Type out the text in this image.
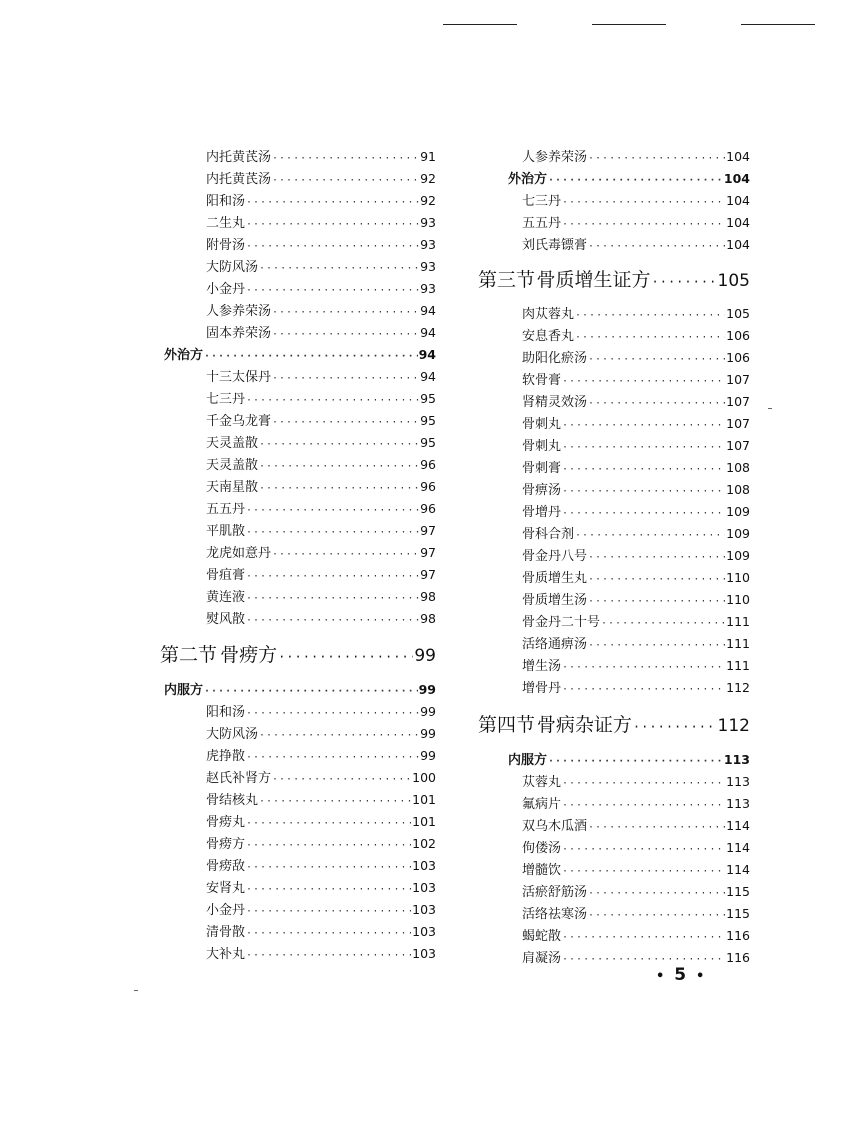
内托黄芪汤 ·····	91
内托黄芪汤 ·····	92
阳和汤 ·····	92
二生丸 ·····	93
附骨汤 ·····	93
大防风汤 ·····	93
小金丹 ·····	93
人参养荣汤 ·····	94
固本养荣汤 ·····	94
外治方 ·····	94
十三太保丹 ·····	94
七三丹 ·····	95
千金乌龙膏 ·····	95
天灵盖散 ·····	95
天灵盖散 ·····	96
天南星散 ·····	96
五五丹 ·····	96
平肌散 ·····	97
龙虎如意丹 ·····	97
骨疽膏 ·····	97
黄连液 ·····	98
熨风散 ·····	98
第二节 骨痨方 ·····	99
内服方 ·····	99
阳和汤 ·····	99
大防风汤 ·····	99
虎挣散 ·····	99
赵氏补肾方 ·····	100
骨结核丸 ·····	101
骨痨丸 ·····	101
骨痨方 ·····	102
骨痨敌 ·····	103
安肾丸 ·····	103
小金丹 ·····	103
清骨散 ·····	103
大补丸 ·····	103
人参养荣汤 ·····	104
外治方 ·····	104
七三丹 ·····	104
五五丹 ·····	104
刘氏毒镖膏 ·····	104
第三节 骨质增生证方 ·····	105
肉苁蓉丸 ·····	105
安息香丸 ·····	106
助阳化瘀汤 ·····	106
软骨膏 ·····	107
肾精灵效汤 ·····	107
骨刺丸 ·····	107
骨刺丸 ·····	107
骨刺膏 ·····	108
骨痹汤 ·····	108
骨增丹 ·····	109
骨科合剂 ·····	109
骨金丹八号 ·····	109
骨质增生丸 ·····	110
骨质增生汤 ·····	110
骨金丹二十号 ·····	111
活络通痹汤 ·····	111
增生汤 ·····	111
增骨丹 ·····	112
第四节 骨病杂证方 ·····	112
内服方 ·····	113
苁蓉丸 ·····	113
氟病片 ·····	113
双乌木瓜酒 ·····	114
佝偻汤 ·····	114
增髓饮 ·····	114
活瘀舒筋汤 ·····	115
活络祛寒汤 ·····	115
蝎蛇散 ·····	116
肩凝汤 ·····	116
• 5 •
